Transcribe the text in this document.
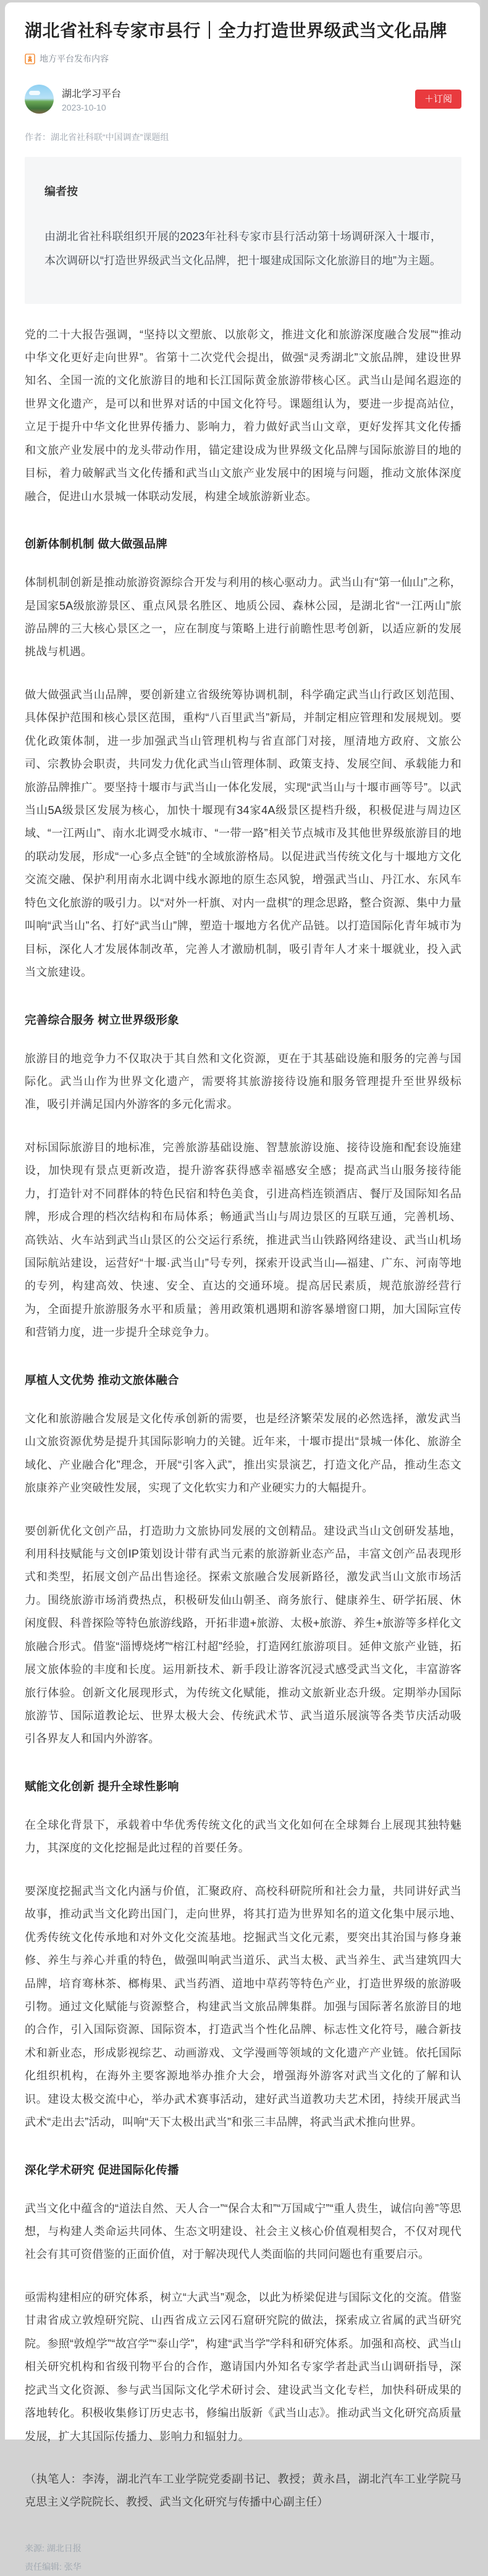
湖北省社科专家市县行｜全力打造世界级武当文化品牌
地方平台发布内容
湖北学习平台
2023-10-10
＋订阅
作者：湖北省社科联“中国调查”课题组
编者按

由湖北省社科联组织开展的2023年社科专家市县行活动第十场调研深入十堰市，本次调研以“打造世界级武当文化品牌，把十堰建成国际文化旅游目的地”为主题。

党的二十大报告强调，“坚持以文塑旅、以旅彰文，推进文化和旅游深度融合发展”“推动中华文化更好走向世界”。省第十二次党代会提出，做强“灵秀湖北”文旅品牌，建设世界知名、全国一流的文化旅游目的地和长江国际黄金旅游带核心区。武当山是闻名遐迩的世界文化遗产，是可以和世界对话的中国文化符号。课题组认为，要进一步提高站位，立足于提升中华文化世界传播力、影响力，着力做好武当山文章，更好发挥其文化传播和文旅产业发展中的龙头带动作用，锚定建设成为世界级文化品牌与国际旅游目的地的目标，着力破解武当文化传播和武当山文旅产业发展中的困境与问题，推动文旅体深度融合，促进山水景城一体联动发展，构建全域旅游新业态。

创新体制机制 做大做强品牌

体制机制创新是推动旅游资源综合开发与利用的核心驱动力。武当山有“第一仙山”之称，是国家5A级旅游景区、重点风景名胜区、地质公园、森林公园，是湖北省“一江两山”旅游品牌的三大核心景区之一，应在制度与策略上进行前瞻性思考创新，以适应新的发展挑战与机遇。

做大做强武当山品牌，要创新建立省级统筹协调机制，科学确定武当山行政区划范围、具体保护范围和核心景区范围，重构“八百里武当”新局，并制定相应管理和发展规划。要优化政策体制，进一步加强武当山管理机构与省直部门对接，厘清地方政府、文旅公司、宗教协会职责，共同发力优化武当山管理体制、政策支持、发展空间、承载能力和旅游品牌推广。要坚持十堰市与武当山一体化发展，实现“武当山与十堰市画等号”。以武当山5A级景区发展为核心，加快十堰现有34家4A级景区提档升级，积极促进与周边区域、“一江两山”、南水北调受水城市、“一带一路”相关节点城市及其他世界级旅游目的地的联动发展，形成“一心多点全链”的全域旅游格局。以促进武当传统文化与十堰地方文化交流交融、保护利用南水北调中线水源地的原生态风貌，增强武当山、丹江水、东风车特色文化旅游的吸引力。以“对外一杆旗、对内一盘棋”的理念思路，整合资源、集中力量叫响“武当山”名、打好“武当山”牌，塑造十堰地方名优产品链。以打造国际化青年城市为目标，深化人才发展体制改革，完善人才激励机制，吸引青年人才来十堰就业，投入武当文旅建设。

完善综合服务 树立世界级形象

旅游目的地竞争力不仅取决于其自然和文化资源，更在于其基础设施和服务的完善与国际化。武当山作为世界文化遗产，需要将其旅游接待设施和服务管理提升至世界级标准，吸引并满足国内外游客的多元化需求。

对标国际旅游目的地标准，完善旅游基础设施、智慧旅游设施、接待设施和配套设施建设，加快现有景点更新改造，提升游客获得感幸福感安全感；提高武当山服务接待能力，打造针对不同群体的特色民宿和特色美食，引进高档连锁酒店、餐厅及国际知名品牌，形成合理的档次结构和布局体系；畅通武当山与周边景区的互联互通，完善机场、高铁站、火车站到武当山景区的公交运行系统，推进武当山铁路网络建设、武当山机场国际航站建设，运营好“十堰·武当山”号专列，探索开设武当山—福建、广东、河南等地的专列，构建高效、快速、安全、直达的交通环境。提高居民素质，规范旅游经营行为，全面提升旅游服务水平和质量；善用政策机遇期和游客暴增窗口期，加大国际宣传和营销力度，进一步提升全球竞争力。

厚植人文优势 推动文旅体融合

文化和旅游融合发展是文化传承创新的需要，也是经济繁荣发展的必然选择，激发武当山文旅资源优势是提升其国际影响力的关键。近年来，十堰市提出“景城一体化、旅游全域化、产业融合化”理念，开展“引客入武”，推出实景演艺，打造文化产品，推动生态文旅康养产业突破性发展，实现了文化软实力和产业硬实力的大幅提升。

要创新优化文创产品，打造助力文旅协同发展的文创精品。建设武当山文创研发基地，利用科技赋能与文创IP策划设计带有武当元素的旅游新业态产品，丰富文创产品表现形式和类型，拓展文创产品出售途径。探索文旅融合发展新路径，激发武当山文旅市场活力。围绕旅游市场消费热点，积极研发仙山朝圣、商务旅行、健康养生、研学拓展、休闲度假、科普探险等特色旅游线路，开拓非遗+旅游、太极+旅游、养生+旅游等多样化文旅融合形式。借鉴“淄博烧烤”“榕江村超”经验，打造网红旅游项目。延伸文旅产业链，拓展文旅体验的丰度和长度。运用新技术、新手段让游客沉浸式感受武当文化，丰富游客旅行体验。创新文化展现形式，为传统文化赋能，推动文旅新业态升级。定期举办国际旅游节、国际道教论坛、世界太极大会、传统武术节、武当道乐展演等各类节庆活动吸引各界友人和国内外游客。

赋能文化创新 提升全球性影响

在全球化背景下，承载着中华优秀传统文化的武当文化如何在全球舞台上展现其独特魅力，其深度的文化挖掘是此过程的首要任务。

要深度挖掘武当文化内涵与价值，汇聚政府、高校科研院所和社会力量，共同讲好武当故事，推动武当文化跨出国门，走向世界，将其打造为世界知名的道文化集中展示地、优秀传统文化传承地和对外文化交流基地。挖掘武当文化元素，要突出其治国与修身兼修、养生与养心并重的特色，做强叫响武当道乐、武当太极、武当养生、武当建筑四大品牌，培育骞林茶、榔梅果、武当药酒、道地中草药等特色产业，打造世界级的旅游吸引物。通过文化赋能与资源整合，构建武当文旅品牌集群。加强与国际著名旅游目的地的合作，引入国际资源、国际资本，打造武当个性化品牌、标志性文化符号，融合新技术和新业态，形成影视综艺、动画游戏、文学漫画等领域的文化遗产产业链。依托国际化组织机构，在海外主要客源地举办推介大会，增强海外游客对武当文化的了解和认识。建设太极交流中心，举办武术赛事活动，建好武当道教功夫艺术团，持续开展武当武术“走出去”活动，叫响“天下太极出武当”和张三丰品牌，将武当武术推向世界。

深化学术研究 促进国际化传播

武当文化中蕴含的“道法自然、天人合一”“保合太和”“万国咸宁”“重人贵生，诚信向善”等思想，与构建人类命运共同体、生态文明建设、社会主义核心价值观相契合，不仅对现代社会有其可资借鉴的正面价值，对于解决现代人类面临的共同问题也有重要启示。

亟需构建相应的研究体系，树立“大武当”观念，以此为桥梁促进与国际文化的交流。借鉴甘肃省成立敦煌研究院、山西省成立云冈石窟研究院的做法，探索成立省属的武当研究院。参照“敦煌学”“故宫学”“泰山学”，构建“武当学”学科和研究体系。加强和高校、武当山相关研究机构和省级刊物平台的合作，邀请国内外知名专家学者赴武当山调研指导，深挖武当文化资源、参与武当国际文化学术研讨会、建设武当文化专栏，加快科研成果的落地转化。积极收集修订历史志书，修编出版新《武当山志》。推动武当文化研究高质量发展，扩大其国际传播力、影响力和辐射力。

（执笔人：李涛，湖北汽车工业学院党委副书记、教授；黄永昌，湖北汽车工业学院马克思主义学院院长、教授、武当文化研究与传播中心副主任）

来源: 湖北日报
责任编辑: 张华
